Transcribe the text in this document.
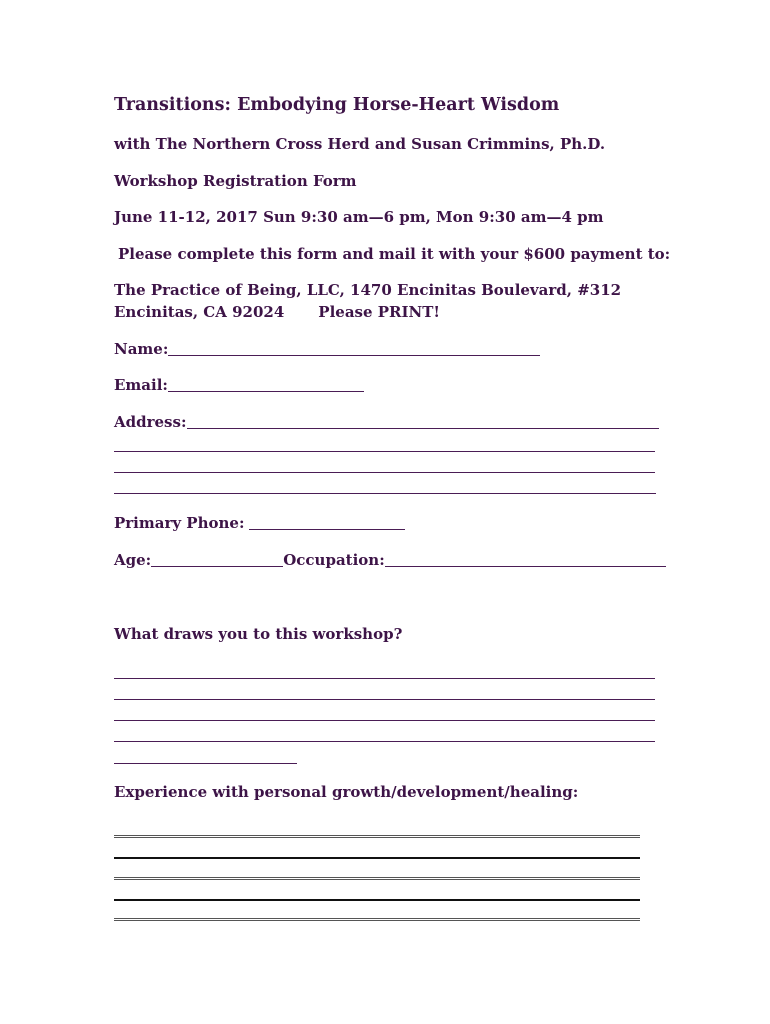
Transitions: Embodying Horse-Heart Wisdom

with The Northern Cross Herd and Susan Crimmins, Ph.D.

Workshop Registration Form

June 11-12, 2017 Sun 9:30 am—6 pm, Mon 9:30 am—4 pm

Please complete this form and mail it with your $600 payment to:

The Practice of Being, LLC, 1470 Encinitas Boulevard, #312

Encinitas, CA 92024 Please PRINT!

Name:
Email:
Address:
Primary Phone:
Age:	Occupation:

What draws you to this workshop?

Experience with personal growth/development/healing:
